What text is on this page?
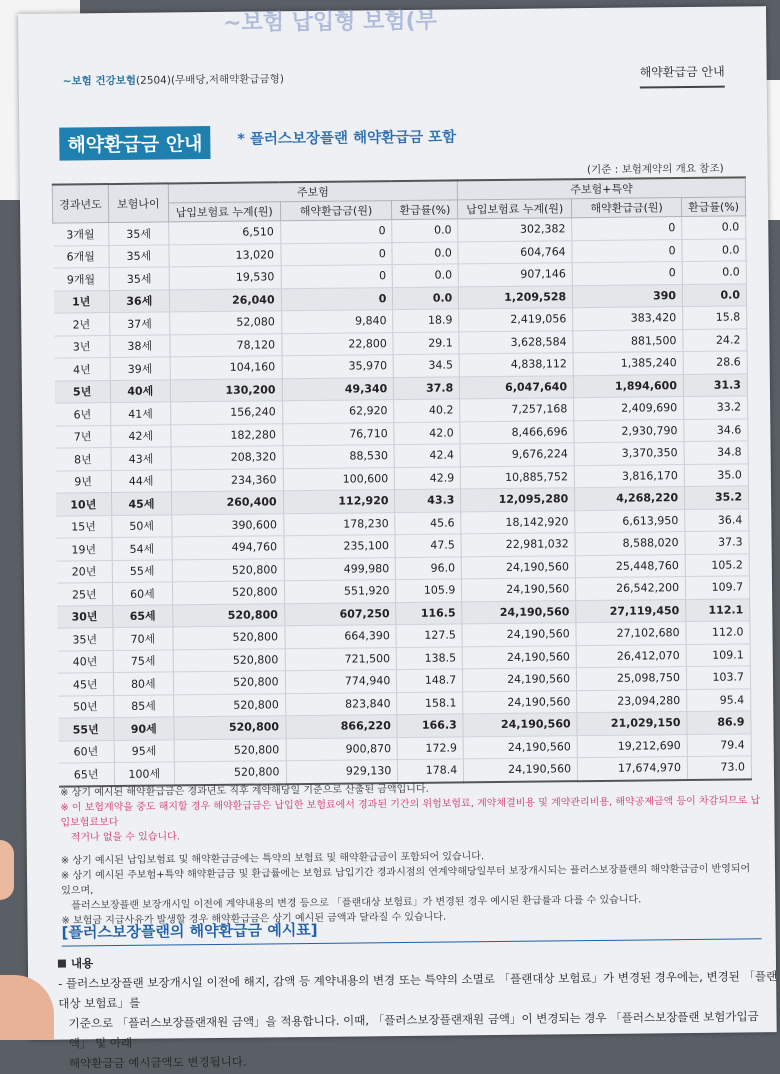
~보험 납입형 보험(부
~보험 건강보험(2504)(무배당,저해약환급금형)
해약환급금 안내
해약환급금 안내	* 플러스보장플랜 해약환급금 포함
(기준 : 보험계약의 개요 참조)
경과년도	보험나이	주보험			주보험+특약		
		납입보험료 누계(원)	해약환급금(원)	환급률(%)	납입보험료 누계(원)	해약환급금(원)	환급률(%)
3개월	35세	6,510	0	0.0	302,382	0	0.0
6개월	35세	13,020	0	0.0	604,764	0	0.0
9개월	35세	19,530	0	0.0	907,146	0	0.0
1년	36세	26,040	0	0.0	1,209,528	390	0.0
2년	37세	52,080	9,840	18.9	2,419,056	383,420	15.8
3년	38세	78,120	22,800	29.1	3,628,584	881,500	24.2
4년	39세	104,160	35,970	34.5	4,838,112	1,385,240	28.6
5년	40세	130,200	49,340	37.8	6,047,640	1,894,600	31.3
6년	41세	156,240	62,920	40.2	7,257,168	2,409,690	33.2
7년	42세	182,280	76,710	42.0	8,466,696	2,930,790	34.6
8년	43세	208,320	88,530	42.4	9,676,224	3,370,350	34.8
9년	44세	234,360	100,600	42.9	10,885,752	3,816,170	35.0
10년	45세	260,400	112,920	43.3	12,095,280	4,268,220	35.2
15년	50세	390,600	178,230	45.6	18,142,920	6,613,950	36.4
19년	54세	494,760	235,100	47.5	22,981,032	8,588,020	37.3
20년	55세	520,800	499,980	96.0	24,190,560	25,448,760	105.2
25년	60세	520,800	551,920	105.9	24,190,560	26,542,200	109.7
30년	65세	520,800	607,250	116.5	24,190,560	27,119,450	112.1
35년	70세	520,800	664,390	127.5	24,190,560	27,102,680	112.0
40년	75세	520,800	721,500	138.5	24,190,560	26,412,070	109.1
45년	80세	520,800	774,940	148.7	24,190,560	25,098,750	103.7
50년	85세	520,800	823,840	158.1	24,190,560	23,094,280	95.4
55년	90세	520,800	866,220	166.3	24,190,560	21,029,150	86.9
60년	95세	520,800	900,870	172.9	24,190,560	19,212,690	79.4
65년	100세	520,800	929,130	178.4	24,190,560	17,674,970	73.0

※ 상기 예시된 해약환급금은 경과년도 직후 계약해당일 기준으로 산출된 금액입니다.

※ 이 보험계약을 중도 해지할 경우 해약환급금은 납입한 보험료에서 경과된 기간의 위험보험료, 계약체결비용 및 계약관리비용, 해약공제금액 등이 차감되므로 납입보험료보다

적거나 없을 수 있습니다.

※ 상기 예시된 납입보험료 및 해약환급금에는 특약의 보험료 및 해약환급금이 포함되어 있습니다.

※ 상기 예시된 주보험+특약 해약환급금 및 환급률에는 보험료 납입기간 경과시점의 연계약해당일부터 보장개시되는 플러스보장플랜의 해약환급금이 반영되어 있으며,

플러스보장플랜 보장개시일 이전에 계약내용의 변경 등으로 「플랜대상 보험료」가 변경된 경우 예시된 환급률과 다를 수 있습니다.

※ 보험금 지급사유가 발생할 경우 해약환급금은 상기 예시된 금액과 달라질 수 있습니다.

[플러스보장플랜의 해약환급금 예시표]
내용

- 플러스보장플랜 보장개시일 이전에 해지, 감액 등 계약내용의 변경 또는 특약의 소멸로 「플랜대상 보험료」가 변경된 경우에는, 변경된 「플랜대상 보험료」를

기준으로 「플러스보장플랜재원 금액」을 적용합니다. 이때, 「플러스보장플랜재원 금액」이 변경되는 경우 「플러스보장플랜 보험가입금액」 및 아래

해약환급금 예시금액도 변경됩니다.
